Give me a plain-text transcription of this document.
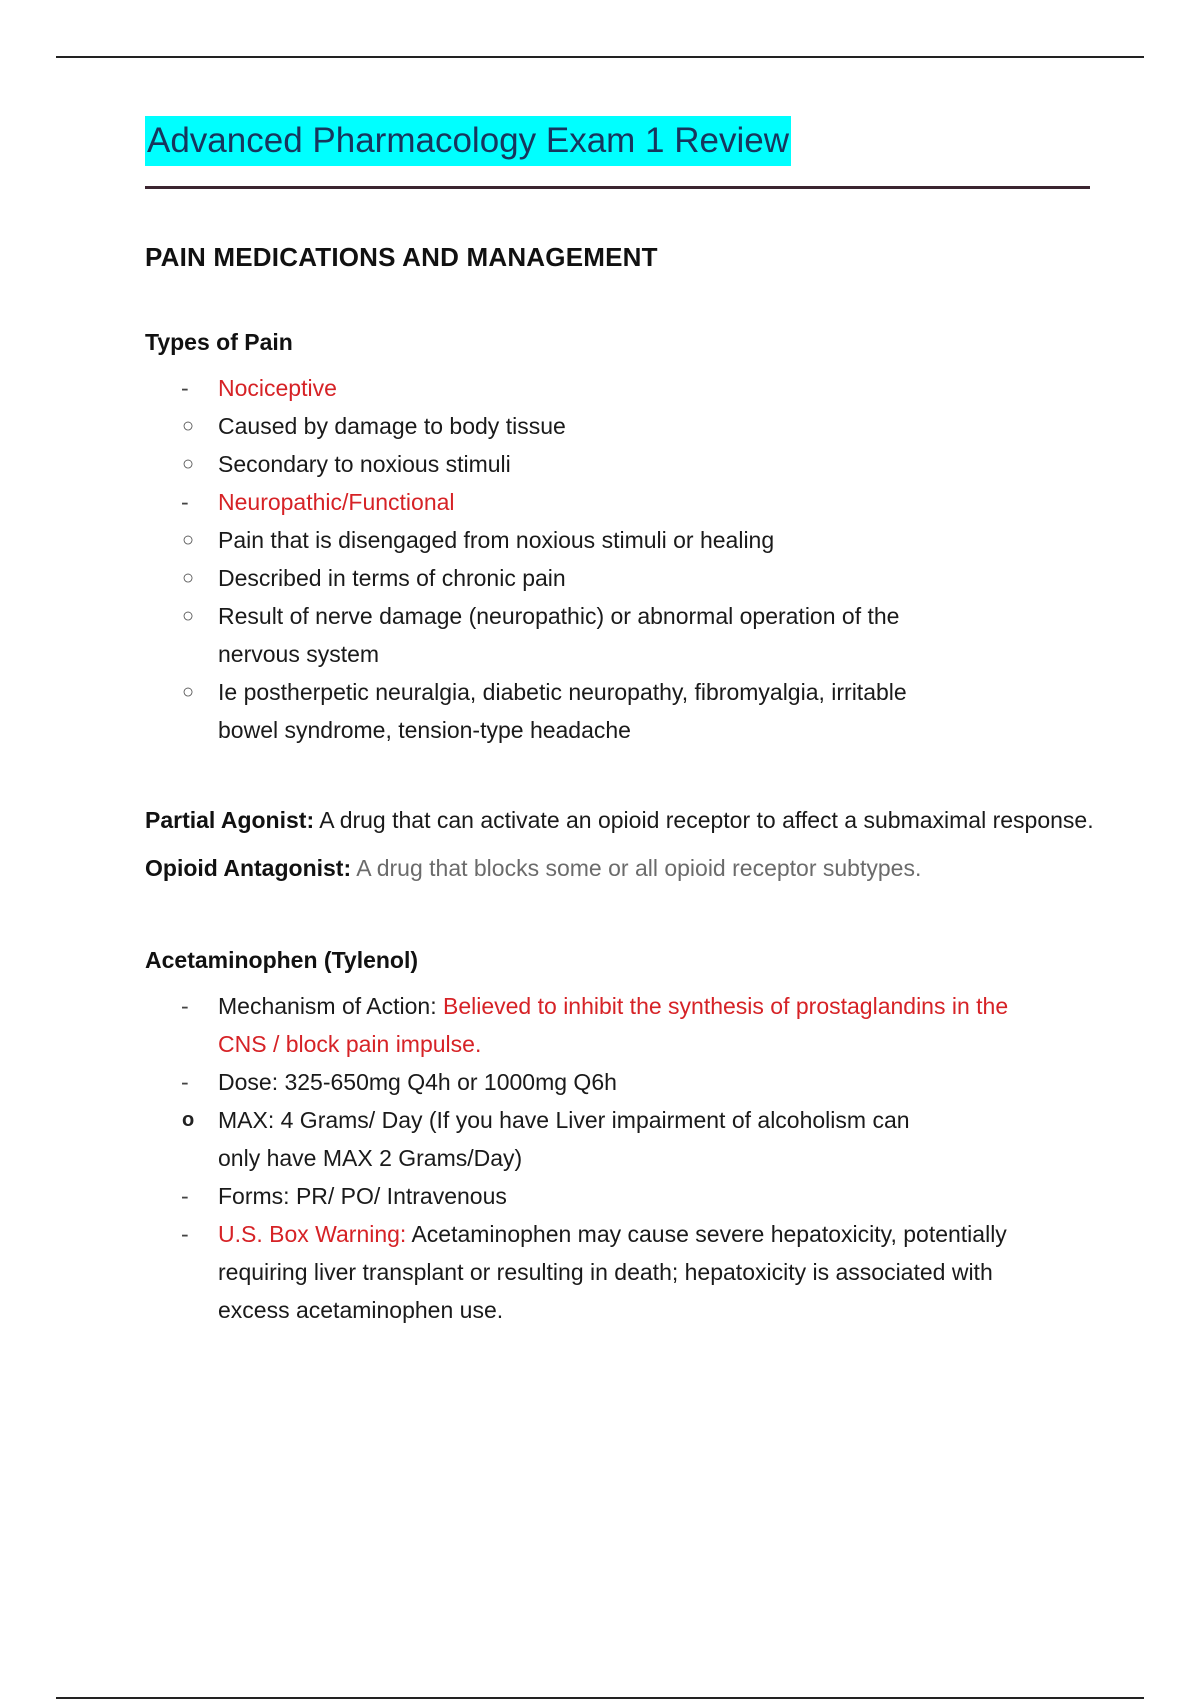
Advanced Pharmacology Exam 1 Review
PAIN MEDICATIONS AND MANAGEMENT
Types of Pain
- Nociceptive
○ Caused by damage to body tissue
○ Secondary to noxious stimuli
- Neuropathic/Functional
○ Pain that is disengaged from noxious stimuli or healing
○ Described in terms of chronic pain
○ Result of nerve damage (neuropathic) or abnormal operation of the nervous system
○ Ie postherpetic neuralgia, diabetic neuropathy, fibromyalgia, irritable bowel syndrome, tension-type headache

Partial Agonist: A drug that can activate an opioid receptor to affect a submaximal response.

Opioid Antagonist: A drug that blocks some or all opioid receptor subtypes.

Acetaminophen (Tylenol)
- Mechanism of Action: Believed to inhibit the synthesis of prostaglandins in the CNS / block pain impulse.
- Dose: 325-650mg Q4h or 1000mg Q6h
o MAX: 4 Grams/ Day (If you have Liver impairment of alcoholism can only have MAX 2 Grams/Day)
- Forms: PR/ PO/ Intravenous
- U.S. Box Warning: Acetaminophen may cause severe hepatoxicity, potentially requiring liver transplant or resulting in death; hepatoxicity is associated with excess acetaminophen use.
